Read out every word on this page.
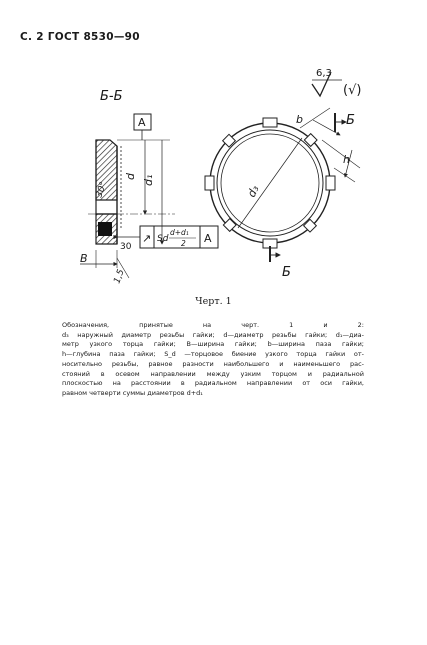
С. 2 ГОСТ 8530—90
Б-Б
d d₁
А
30°
30
↗ Sd
d+d₁
2 А
В
1,5
6,3
(√)
d₃
b
h
Б
Б
Черт. 1
Обозначения, принятые на черт. 1 и 2:
d₃ наружный диаметр резьбы гайки; d—диаметр резьбы гайки; d₁—диа-
метр узкого торца гайки; В—ширина гайки; b—ширина паза гайки;
h—глубина паза гайки; S_d —торцовое биение узкого торца гайки от-
носительно резьбы, равное разности наибольшего и наименьшего рас-
стояний в осевом направлении между узким торцом и радиальной
плоскостью на расстоянии в радиальном направлении от оси гайки,
равном четверти суммы диаметров d+d₁
